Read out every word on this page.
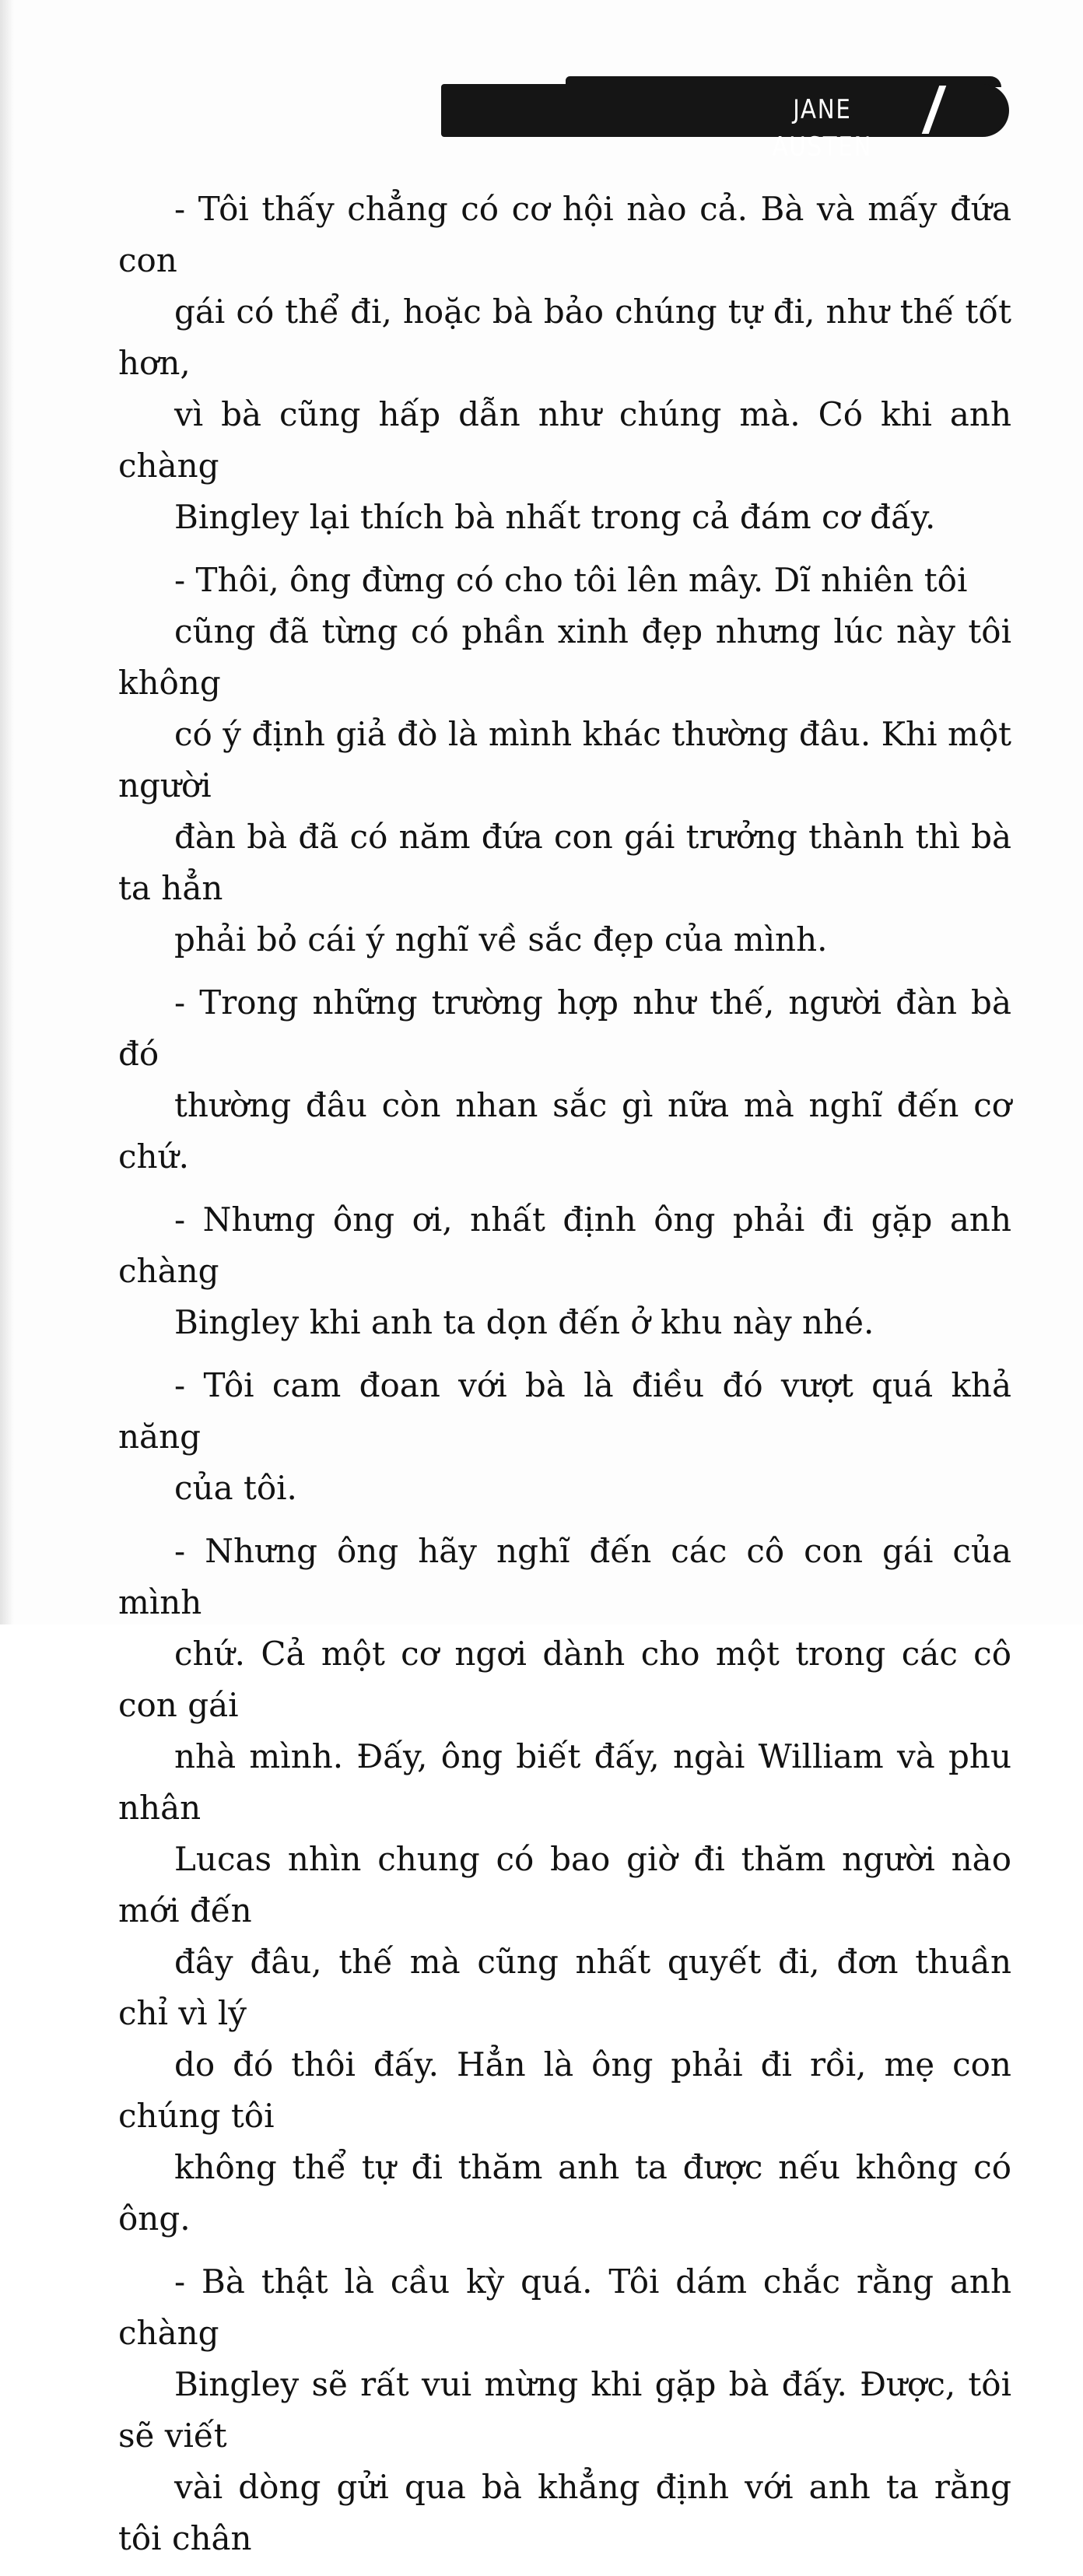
JANE AUSTEN

- Tôi thấy chẳng có cơ hội nào cả. Bà và mấy đứa con
gái có thể đi, hoặc bà bảo chúng tự đi, như thế tốt hơn,
vì bà cũng hấp dẫn như chúng mà. Có khi anh chàng
Bingley lại thích bà nhất trong cả đám cơ đấy.

- Thôi, ông đừng có cho tôi lên mây. Dĩ nhiên tôi
cũng đã từng có phần xinh đẹp nhưng lúc này tôi không
có ý định giả đò là mình khác thường đâu. Khi một người
đàn bà đã có năm đứa con gái trưởng thành thì bà ta hẳn
phải bỏ cái ý nghĩ về sắc đẹp của mình.

- Trong những trường hợp như thế, người đàn bà đó
thường đâu còn nhan sắc gì nữa mà nghĩ đến cơ chứ.

- Nhưng ông ơi, nhất định ông phải đi gặp anh chàng
Bingley khi anh ta dọn đến ở khu này nhé.

- Tôi cam đoan với bà là điều đó vượt quá khả năng
của tôi.

- Nhưng ông hãy nghĩ đến các cô con gái của mình
chứ. Cả một cơ ngơi dành cho một trong các cô con gái
nhà mình. Đấy, ông biết đấy, ngài William và phu nhân
Lucas nhìn chung có bao giờ đi thăm người nào mới đến
đây đâu, thế mà cũng nhất quyết đi, đơn thuần chỉ vì lý
do đó thôi đấy. Hẳn là ông phải đi rồi, mẹ con chúng tôi
không thể tự đi thăm anh ta được nếu không có ông.

- Bà thật là cầu kỳ quá. Tôi dám chắc rằng anh chàng
Bingley sẽ rất vui mừng khi gặp bà đấy. Được, tôi sẽ viết
vài dòng gửi qua bà khẳng định với anh ta rằng tôi chân
